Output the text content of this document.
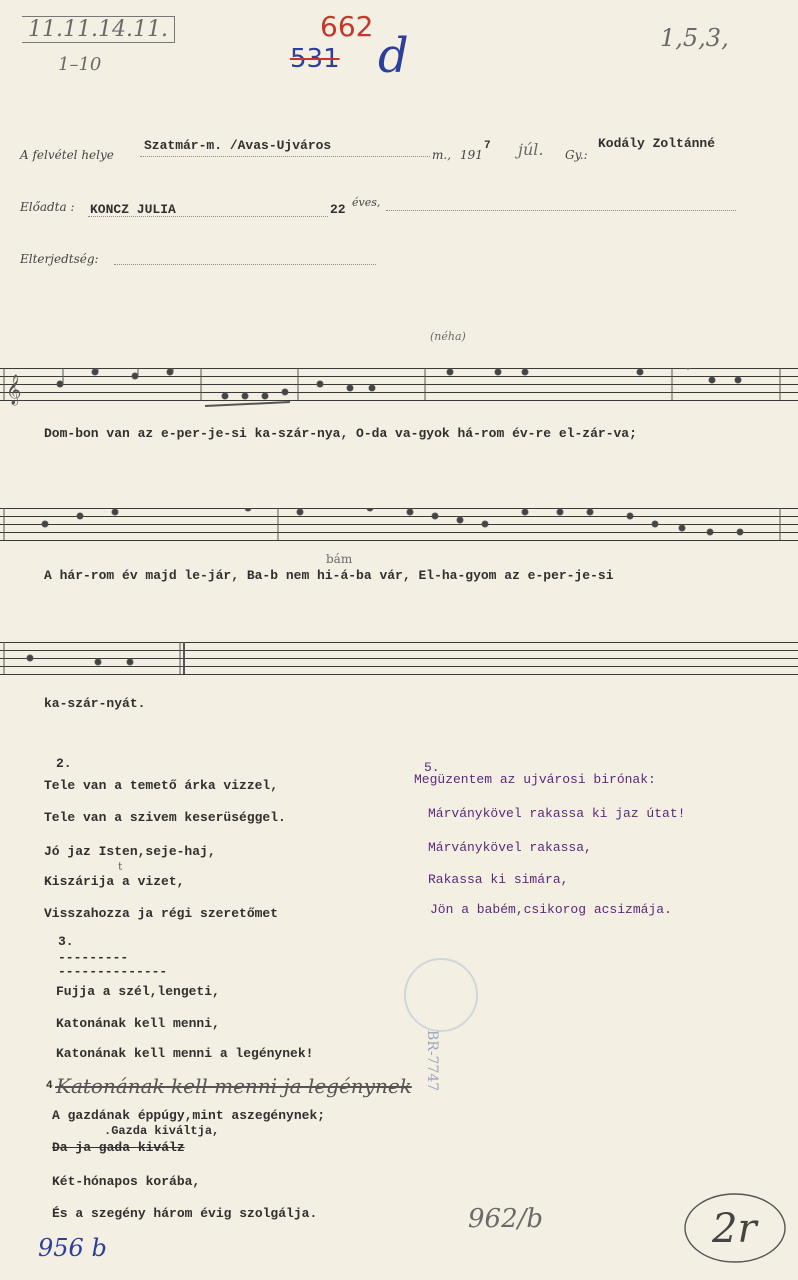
11.11.14.11.
1–10
662
531 d	1,5,3,
A felvétel helye
Szatmár-m. /Avas-Ujváros
m., 191
7 júl. Gy.:
Kodály Zoltánné
Előadta : KONCZ JULIA	22 éves,
Elterjedtség:
(néha)
𝄞
Dom-bon van az e-per-je-si ka-szár-nya, O-da va-gyok há-rom év-re el-zár-va;
bám
A hár-rom év majd le-jár, Ba-b nem hi-á-ba vár, El-ha-gyom az e-per-je-si
ka-szár-nyát.
2.
Tele van a temető árka vizzel,
Tele van a szivem keserüséggel.
Jó jaz Isten,seje-haj,
t
Kiszárija a vizet,
Visszahozza ja régi szeretőmet
3.
---------
--------------
Fujja a szél,lengeti,
Katonának kell menni,
Katonának kell menni a legénynek!
4.
Katonának kell menni ja legénynek
A gazdának éppúgy,mint aszegénynek;
.Gazda kiváltja,
Da ja gada kiválz
Két-hónapos korába,
És a szegény három évig szolgálja.
5.
Megüzentem az ujvárosi birónak:
Márványkövel rakassa ki jaz útat!
Márványkövel rakassa,
Rakassa ki simára,
Jön a babém,csikorog acsizmája.
BR-7747
956 b
962/b	2r
